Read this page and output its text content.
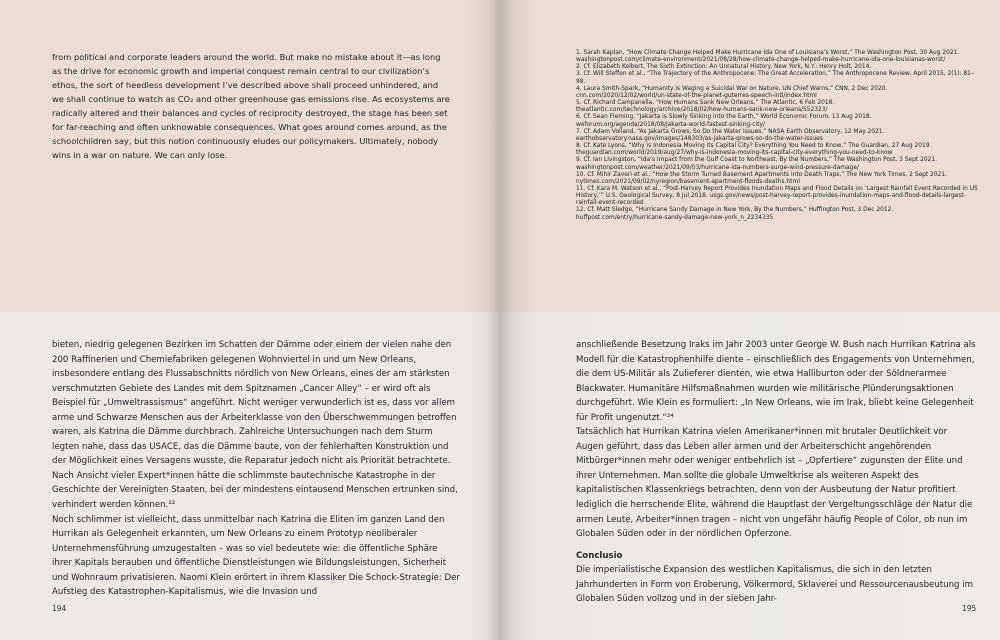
from political and corporate leaders around the world. But make no mistake about it—as long as the drive for economic growth and imperial conquest remain central to our civilization’s ethos, the sort of heedless development I’ve described above shall proceed unhindered, and we shall continue to watch as CO₂ and other greenhouse gas emissions rise. As ecosystems are radically altered and their balances and cycles of reciprocity destroyed, the stage has been set for far-reaching and often unknowable consequences. What goes around comes around, as the schoolchildren say, but this notion continuously eludes our policymakers. Ultimately, nobody wins in a war on nature. We can only lose.

bieten, niedrig gelegenen Bezirken im Schatten der Dämme oder einem der vielen nahe den 200 Raffinerien und Chemiefabriken gelegenen Wohnviertel in und um New Orleans, insbesondere entlang des Flussabschnitts nördlich von New Orleans, eines der am stärksten verschmutzten Gebiete des Landes mit dem Spitznamen „Cancer Alley“ – er wird oft als Beispiel für „Umweltrassismus“ angeführt. Nicht weniger verwunderlich ist es, dass vor allem arme und Schwarze Menschen aus der Arbeiterklasse von den Überschwemmungen betroffen waren, als Katrina die Dämme durchbrach. Zahlreiche Untersuchungen nach dem Sturm legten nahe, dass das USACE, das die Dämme baute, von der fehlerhaften Konstruktion und der Möglichkeit eines Versagens wusste, die Reparatur jedoch nicht als Priorität betrachtete. Nach Ansicht vieler Expert*innen hätte die schlimmste bautechnische Katastrophe in der Geschichte der Vereinigten Staaten, bei der mindestens eintausend Menschen ertrunken sind, verhindert werden können.²²

Noch schlimmer ist vielleicht, dass unmittelbar nach Katrina die Eliten im ganzen Land den Hurrikan als Gelegenheit erkannten, um New Orleans zu einem Prototyp neoliberaler Unternehmensführung umzugestalten – was so viel bedeutete wie: die öffentliche Sphäre ihrer Kapitals berauben und öffentliche Dienstleistungen wie Bildungsleistungen, Sicherheit und Wohnraum privatisieren. Naomi Klein erörtert in ihrem Klassiker Die Schock-Strategie: Der Aufstieg des Katastrophen-Kapitalismus, wie die Invasion und

194

1. Sarah Kaplan, “How Climate Change Helped Make Hurricane Ida One of Louisiana’s Worst,” The Washington Post, 30 Aug 2021. washingtonpost.com/climate-environment/2021/08/28/how-climate-change-helped-make-hurricane-ida-one-louisianas-worst/

2. Cf. Elizabeth Kolbert, The Sixth Extinction: An Unnatural History. New York, N.Y.: Henry Holt, 2014.

3. Cf. Will Steffen et al., “The Trajectory of the Anthropocene: The Great Acceleration,” The Anthropocene Review, April 2015, 2(1): 81–98.

4. Laura Smith-Spark, “Humanity is Waging a Suicidal War on Nature, UN Chief Warns,” CNN, 2 Dec 2020. cnn.com/2020/12/02/world/un-state-of-the-planet-guterres-speech-intl/index.html

5. Cf. Richard Campanella, “How Humans Sank New Orleans,” The Atlantic, 6 Feb 2018. theatlantic.com/technology/archive/2018/02/how-humans-sank-new-orleans/552323/

6. Cf. Sean Fleming, “Jakarta is Slowly Sinking into the Earth,” World Economic Forum, 13 Aug 2018. weforum.org/agenda/2018/08/jakarta-world-fastest-sinking-city/

7. Cf. Adam Voiland, “As Jakarta Grows, So Do the Water Issues,” NASA Earth Observatory, 12 May 2021. earthobservatory.nasa.gov/images/148303/as-jakarta-grows-so-do-the-water-issues

8. Cf. Kate Lyons, “Why is Indonesia Moving its Capital City? Everything You Need to Know,” The Guardian, 27 Aug 2019. theguardian.com/world/2019/aug/27/why-is-indonesia-moving-its-capital-city-everything-you-need-to-know

9. Cf. Ian Livingston, “Ida’s Impact from the Gulf Coast to Northeast, By the Numbers,” The Washington Post, 3 Sept 2021. washingtonpost.com/weather/2021/09/03/hurricane-ida-numbers-surge-wind-pressure-damage/

10. Cf. Mihir Zaveri et al., “How the Storm Turned Basement Apartments into Death Traps,” The New York Times, 2 Sept 2021. nytimes.com/2021/09/02/nyregion/basement-apartment-floods-deaths.html

11. Cf. Kara M. Watson et al., “Post-Harvey Report Provides Inundation Maps and Flood Details on ‘Largest Rainfall Event Recorded in US History,’” U.S. Geological Survey, 8 Jul 2018. usgs.gov/news/post-harvey-report-provides-inundation-maps-and-flood-details-largest-rainfall-event-recorded

12. Cf. Matt Sledge, “Hurricane Sandy Damage in New York, By the Numbers,” Huffington Post, 3 Dec 2012. huffpost.com/entry/hurricane-sandy-damage-new-york_n_2234335

anschließende Besetzung Iraks im Jahr 2003 unter George W. Bush nach Hurrikan Katrina als Modell für die Katastrophenhilfe diente – einschließlich des Engagements von Unternehmen, die dem US-Militär als Zulieferer dienten, wie etwa Halliburton oder der Söldnerarmee Blackwater. Humanitäre Hilfsmaßnahmen wurden wie militärische Plünderungsaktionen durchgeführt. Wie Klein es formuliert: „In New Orleans, wie im Irak, bliebt keine Gelegenheit für Profit ungenutzt.“²⁴

Tatsächlich hat Hurrikan Katrina vielen Amerikaner*innen mit brutaler Deutlichkeit vor Augen geführt, dass das Leben aller armen und der Arbeiterschicht angehörenden Mitbürger*innen mehr oder weniger entbehrlich ist – „Opfertiere“ zugunsten der Elite und ihrer Unternehmen. Man sollte die globale Umweltkrise als weiteren Aspekt des kapitalistischen Klassenkriegs betrachten, denn von der Ausbeutung der Natur profitiert lediglich die herrschende Elite, während die Hauptlast der Vergeltungsschläge der Natur die armen Leute, Arbeiter*innen tragen – nicht von ungefähr häufig People of Color, ob nun im Globalen Süden oder in der nördlichen Opferzone.

Conclusio

Die imperialistische Expansion des westlichen Kapitalismus, die sich in den letzten Jahrhunderten in Form von Eroberung, Völkermord, Sklaverei und Ressourcenausbeutung im Globalen Süden vollzog und in der sieben Jahr-

195
